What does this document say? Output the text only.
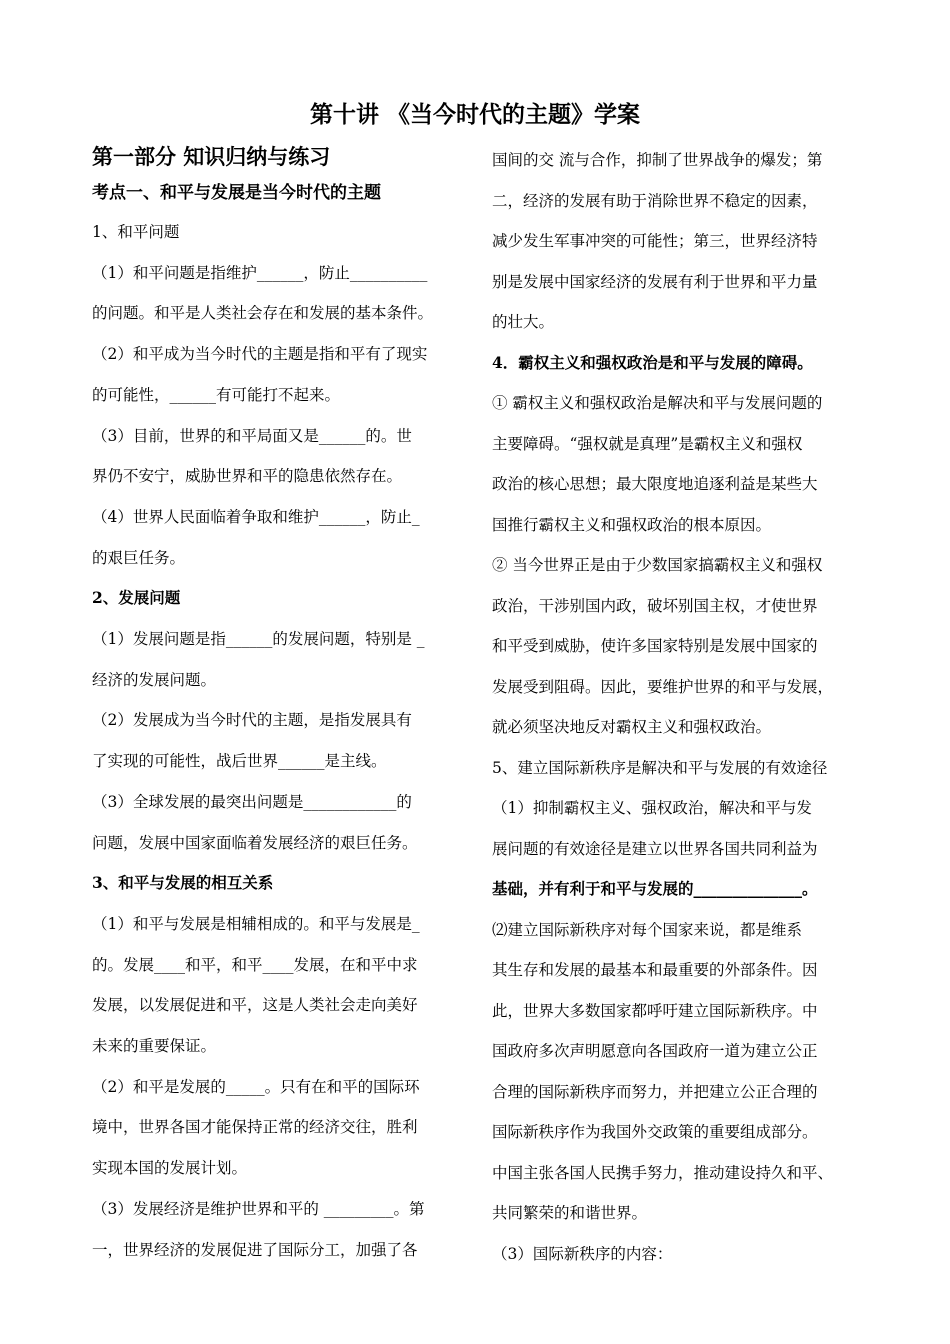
第十讲 《当今时代的主题》学案
第一部分 知识归纳与练习
考点一、和平与发展是当今时代的主题
1、和平问题
（1）和平问题是指维护______，防止__________
的问题。和平是人类社会存在和发展的基本条件。
（2）和平成为当今时代的主题是指和平有了现实
的可能性，______有可能打不起来。
（3）目前，世界的和平局面又是______的。世
界仍不安宁，威胁世界和平的隐患依然存在。
（4）世界人民面临着争取和维护______，防止_
的艰巨任务。
2、发展问题
（1）发展问题是指______的发展问题，特别是 _
经济的发展问题。
（2）发展成为当今时代的主题，是指发展具有
了实现的可能性，战后世界______是主线。
（3）全球发展的最突出问题是____________的
问题，发展中国家面临着发展经济的艰巨任务。
3、和平与发展的相互关系
（1）和平与发展是相辅相成的。和平与发展是_
的。发展____和平，和平____发展，在和平中求
发展，以发展促进和平，这是人类社会走向美好
未来的重要保证。
（2）和平是发展的_____。只有在和平的国际环
境中，世界各国才能保持正常的经济交往，胜利
实现本国的发展计划。
（3）发展经济是维护世界和平的 _________。第
一，世界经济的发展促进了国际分工，加强了各
国间的交 流与合作，抑制了世界战争的爆发；第
二，经济的发展有助于消除世界不稳定的因素，
减少发生军事冲突的可能性；第三，世界经济特
别是发展中国家经济的发展有利于世界和平力量
的壮大。
4．霸权主义和强权政治是和平与发展的障碍。
① 霸权主义和强权政治是解决和平与发展问题的
主要障碍。“强权就是真理”是霸权主义和强权
政治的核心思想；最大限度地追逐利益是某些大
国推行霸权主义和强权政治的根本原因。
② 当今世界正是由于少数国家搞霸权主义和强权
政治，干涉别国内政，破坏别国主权，才使世界
和平受到威胁，使许多国家特别是发展中国家的
发展受到阻碍。因此，要维护世界的和平与发展，
就必须坚决地反对霸权主义和强权政治。
5、建立国际新秩序是解决和平与发展的有效途径
（1）抑制霸权主义、强权政治，解决和平与发
展问题的有效途径是建立以世界各国共同利益为
基础，并有利于和平与发展的______________。
⑵建立国际新秩序对每个国家来说，都是维系
其生存和发展的最基本和最重要的外部条件。因
此，世界大多数国家都呼吁建立国际新秩序。中
国政府多次声明愿意向各国政府一道为建立公正
合理的国际新秩序而努力，并把建立公正合理的
国际新秩序作为我国外交政策的重要组成部分。
中国主张各国人民携手努力，推动建设持久和平、
共同繁荣的和谐世界。
（3）国际新秩序的内容：
